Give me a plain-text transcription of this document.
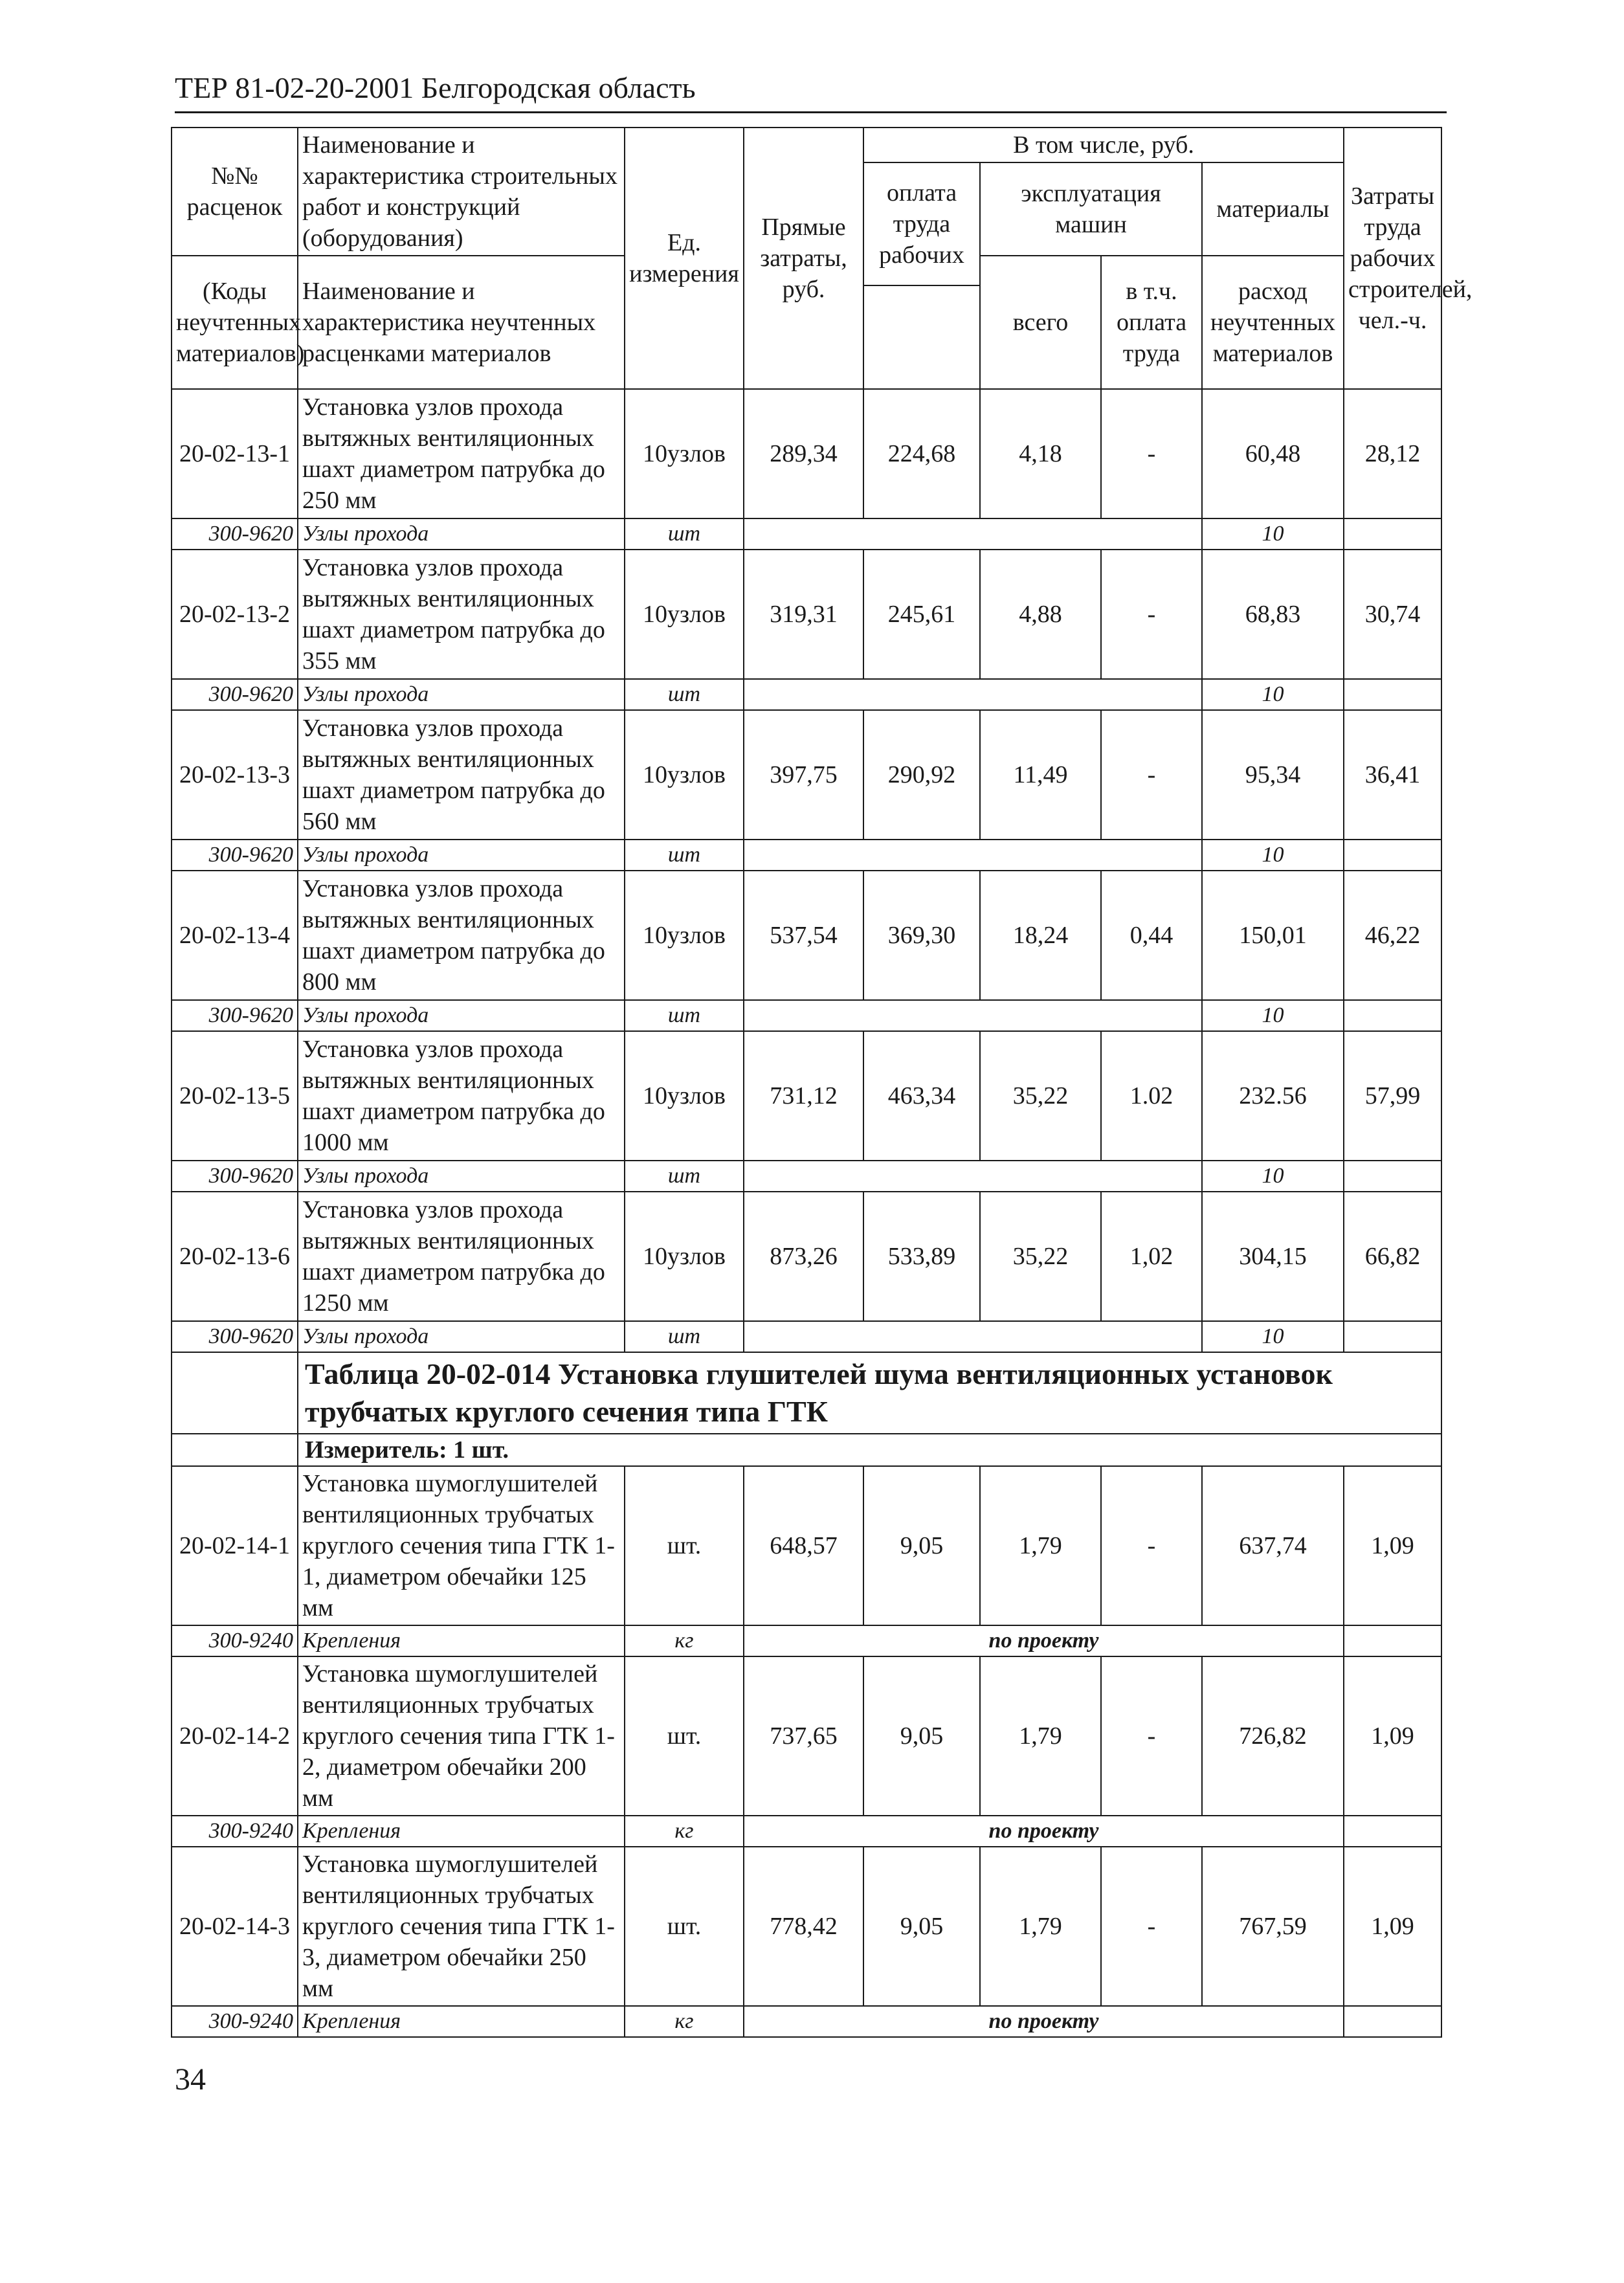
ТЕР 81-02-20-2001 Белгородская область
№№ расценок	Наименование и характеристика строительных работ и конструкций (оборудования)	Ед. измерения	Прямые затраты, руб.	В том числе, руб.				Затраты труда рабочих строителей, чел.-ч.
				оплата труда рабочих	эксплуатация машин		материалы	

(Коды неучтенных материалов)	Наименование и характеристика неучтенных расценками материалов				всего	в т.ч. оплата труда	расход неучтенных материалов	

20-02-13-1	Установка узлов прохода вытяжных вентиляционных шахт диаметром патрубка до 250 мм	10узлов	289,34	224,68	4,18	-	60,48	28,12
300-9620	Узлы прохода	шт					10	
20-02-13-2	Установка узлов прохода вытяжных вентиляционных шахт диаметром патрубка до 355 мм	10узлов	319,31	245,61	4,88	-	68,83	30,74
300-9620	Узлы прохода	шт					10	
20-02-13-3	Установка узлов прохода вытяжных вентиляционных шахт диаметром патрубка до 560 мм	10узлов	397,75	290,92	11,49	-	95,34	36,41
300-9620	Узлы прохода	шт					10	
20-02-13-4	Установка узлов прохода вытяжных вентиляционных шахт диаметром патрубка до 800 мм	10узлов	537,54	369,30	18,24	0,44	150,01	46,22
300-9620	Узлы прохода	шт					10	
20-02-13-5	Установка узлов прохода вытяжных вентиляционных шахт диаметром патрубка до 1000 мм	10узлов	731,12	463,34	35,22	1.02	232.56	57,99
300-9620	Узлы прохода	шт					10	
20-02-13-6	Установка узлов прохода вытяжных вентиляционных шахт диаметром патрубка до 1250 мм	10узлов	873,26	533,89	35,22	1,02	304,15	66,82
300-9620	Узлы прохода	шт					10	
	Таблица 20-02-014 Установка глушителей шума вентиляционных установок трубчатых круглого сечения типа ГТК							
	Измеритель: 1 шт.							
20-02-14-1	Установка шумоглушителей вентиляционных трубчатых круглого сечения типа ГТК 1-1, диаметром обечайки 125 мм	шт.	648,57	9,05	1,79	-	637,74	1,09
300-9240	Крепления	кг	по проекту					
20-02-14-2	Установка шумоглушителей вентиляционных трубчатых круглого сечения типа ГТК 1-2, диаметром обечайки 200 мм	шт.	737,65	9,05	1,79	-	726,82	1,09
300-9240	Крепления	кг	по проекту					
20-02-14-3	Установка шумоглушителей вентиляционных трубчатых круглого сечения типа ГТК 1-3, диаметром обечайки 250 мм	шт.	778,42	9,05	1,79	-	767,59	1,09
300-9240	Крепления	кг	по проекту					
34
